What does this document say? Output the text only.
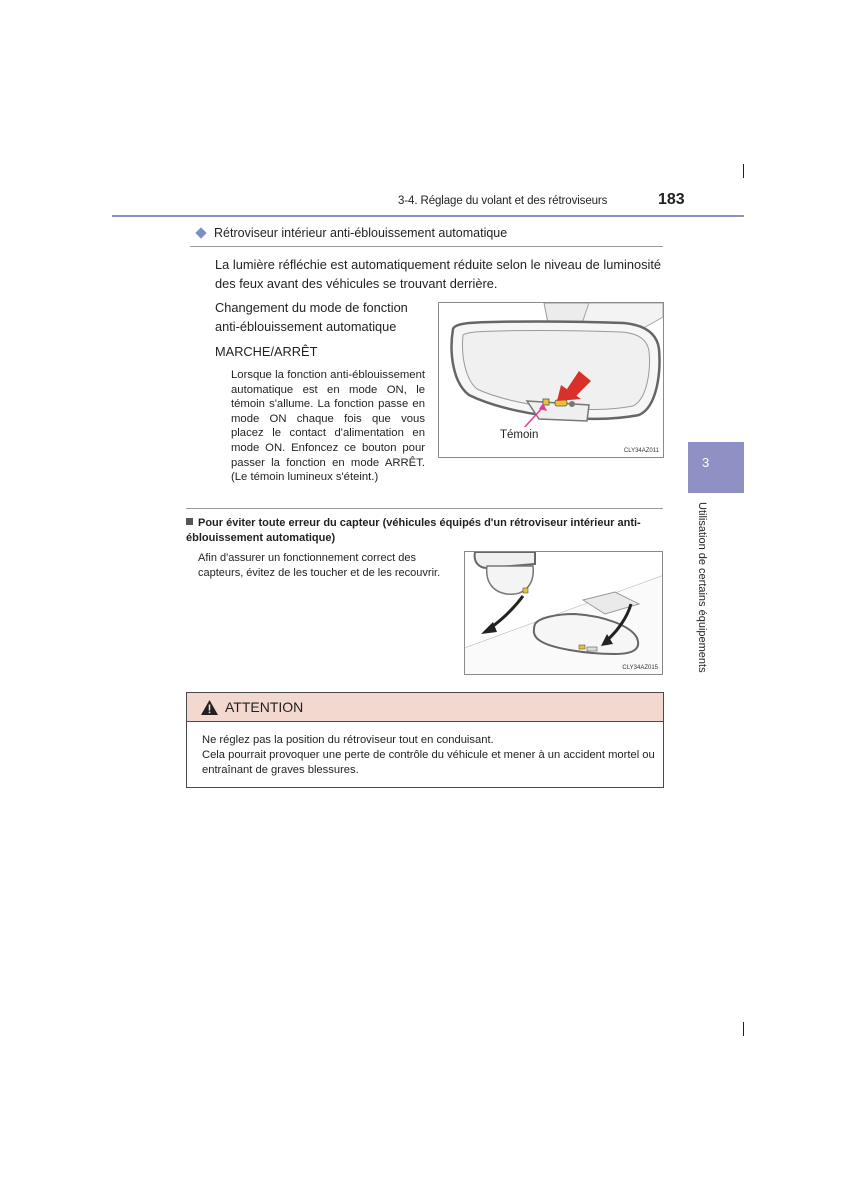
3-4. Réglage du volant et des rétroviseurs	183
Rétroviseur intérieur anti-éblouissement automatique
La lumière réfléchie est automatiquement réduite selon le niveau de luminosité des feux avant des véhicules se trouvant derrière.
Changement du mode de fonction
anti-éblouissement automatique
MARCHE/ARRÊT
Lorsque la fonction anti-éblouissement automatique est en mode ON, le témoin s'allume. La fonction passe en mode ON chaque fois que vous placez le contact d'alimentation en mode ON. Enfoncez ce bouton pour passer la fonction en mode ARRÊT. (Le témoin lumineux s'éteint.)
Témoin
CLY34AZ011
Pour éviter toute erreur du capteur (véhicules équipés d'un rétroviseur intérieur anti-éblouissement automatique)
Afin d'assurer un fonctionnement correct des capteurs, évitez de les toucher et de les recouvrir.
CLY34AZ015
ATTENTION
Ne réglez pas la position du rétroviseur tout en conduisant.
Cela pourrait provoquer une perte de contrôle du véhicule et mener à un accident mortel ou entraînant de graves blessures.
3
Utilisation de certains équipements
